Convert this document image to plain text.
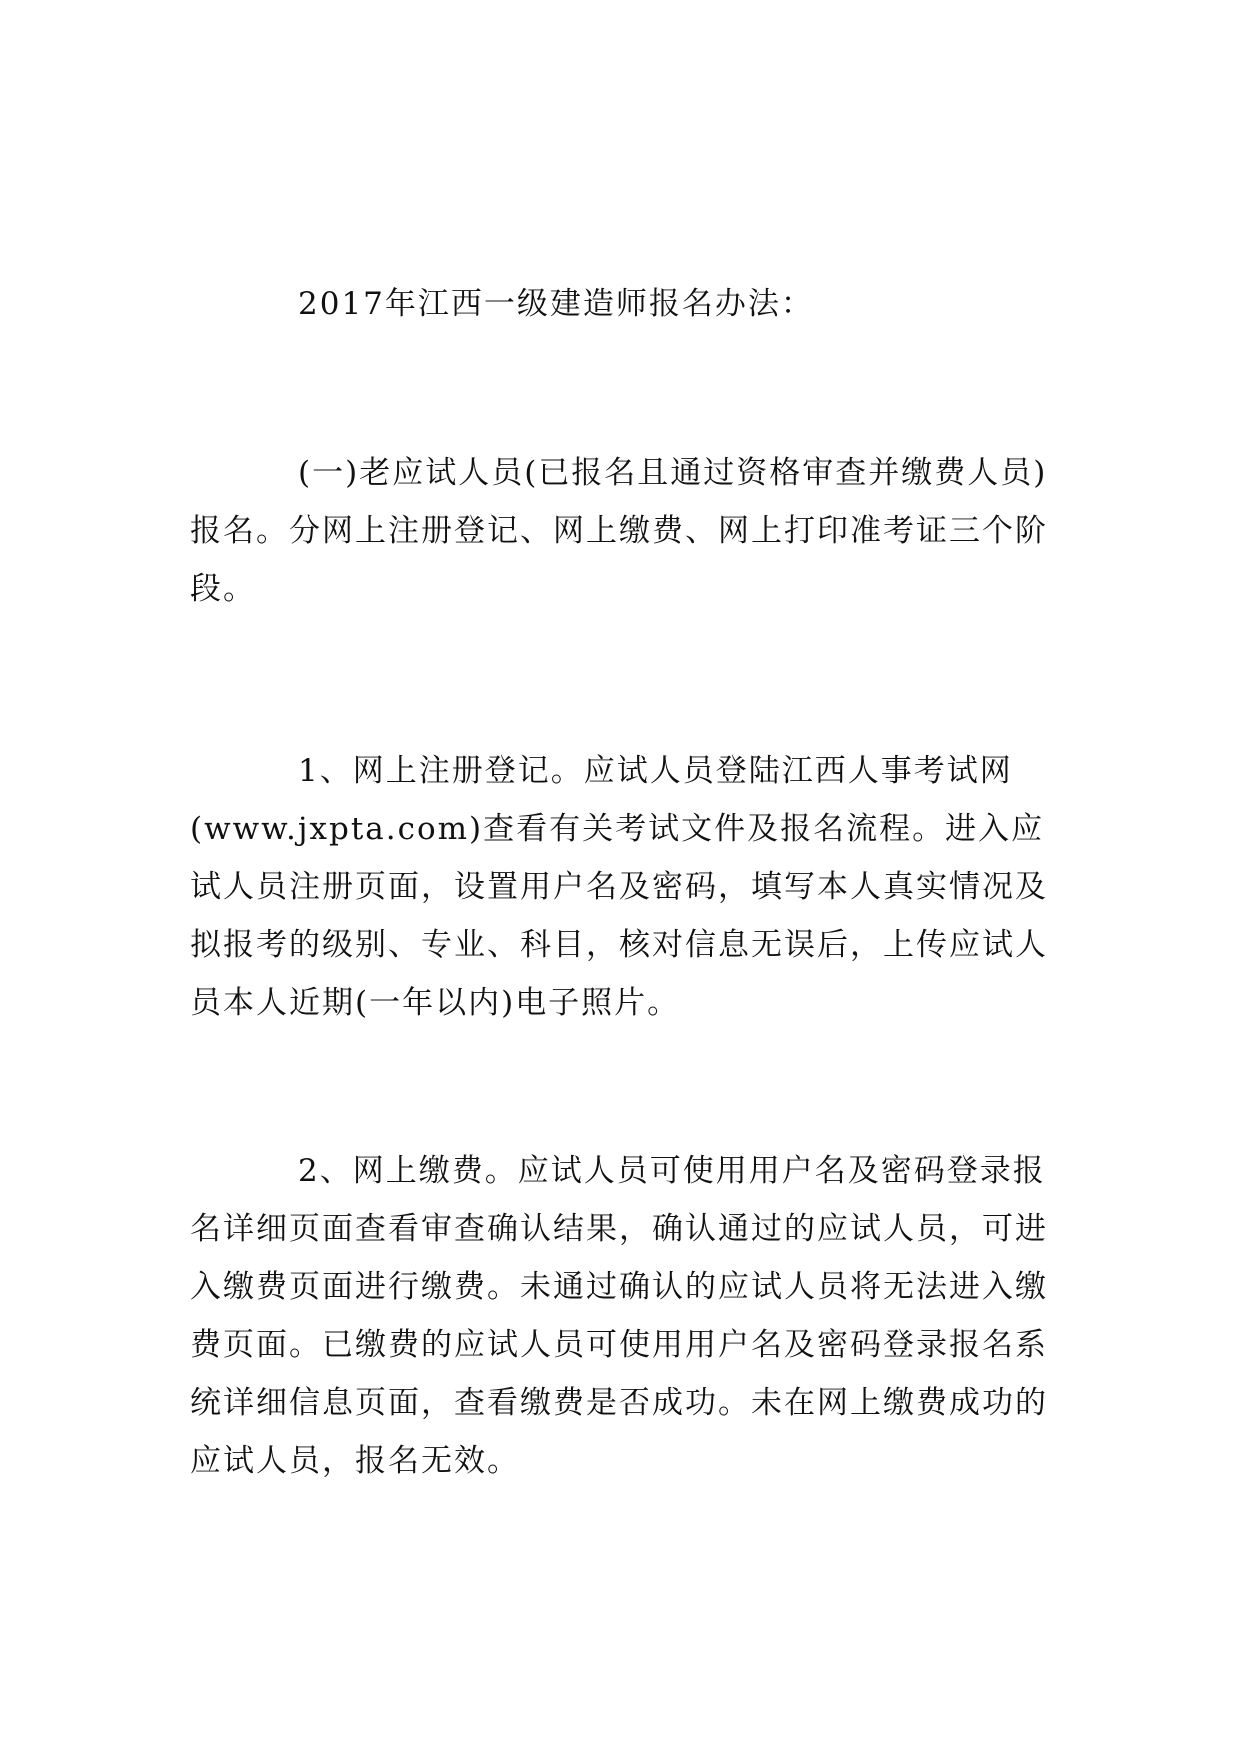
2017年江西一级建造师报名办法：

(一)老应试人员(已报名且通过资格审查并缴费人员)报名。分网上注册登记、网上缴费、网上打印准考证三个阶段。

1、网上注册登记。应试人员登陆江西人事考试网(www.jxpta.com)查看有关考试文件及报名流程。进入应试人员注册页面，设置用户名及密码，填写本人真实情况及拟报考的级别、专业、科目，核对信息无误后，上传应试人员本人近期(一年以内)电子照片。

2、网上缴费。应试人员可使用用户名及密码登录报名详细页面查看审查确认结果，确认通过的应试人员，可进入缴费页面进行缴费。未通过确认的应试人员将无法进入缴费页面。已缴费的应试人员可使用用户名及密码登录报名系统详细信息页面，查看缴费是否成功。未在网上缴费成功的应试人员，报名无效。
